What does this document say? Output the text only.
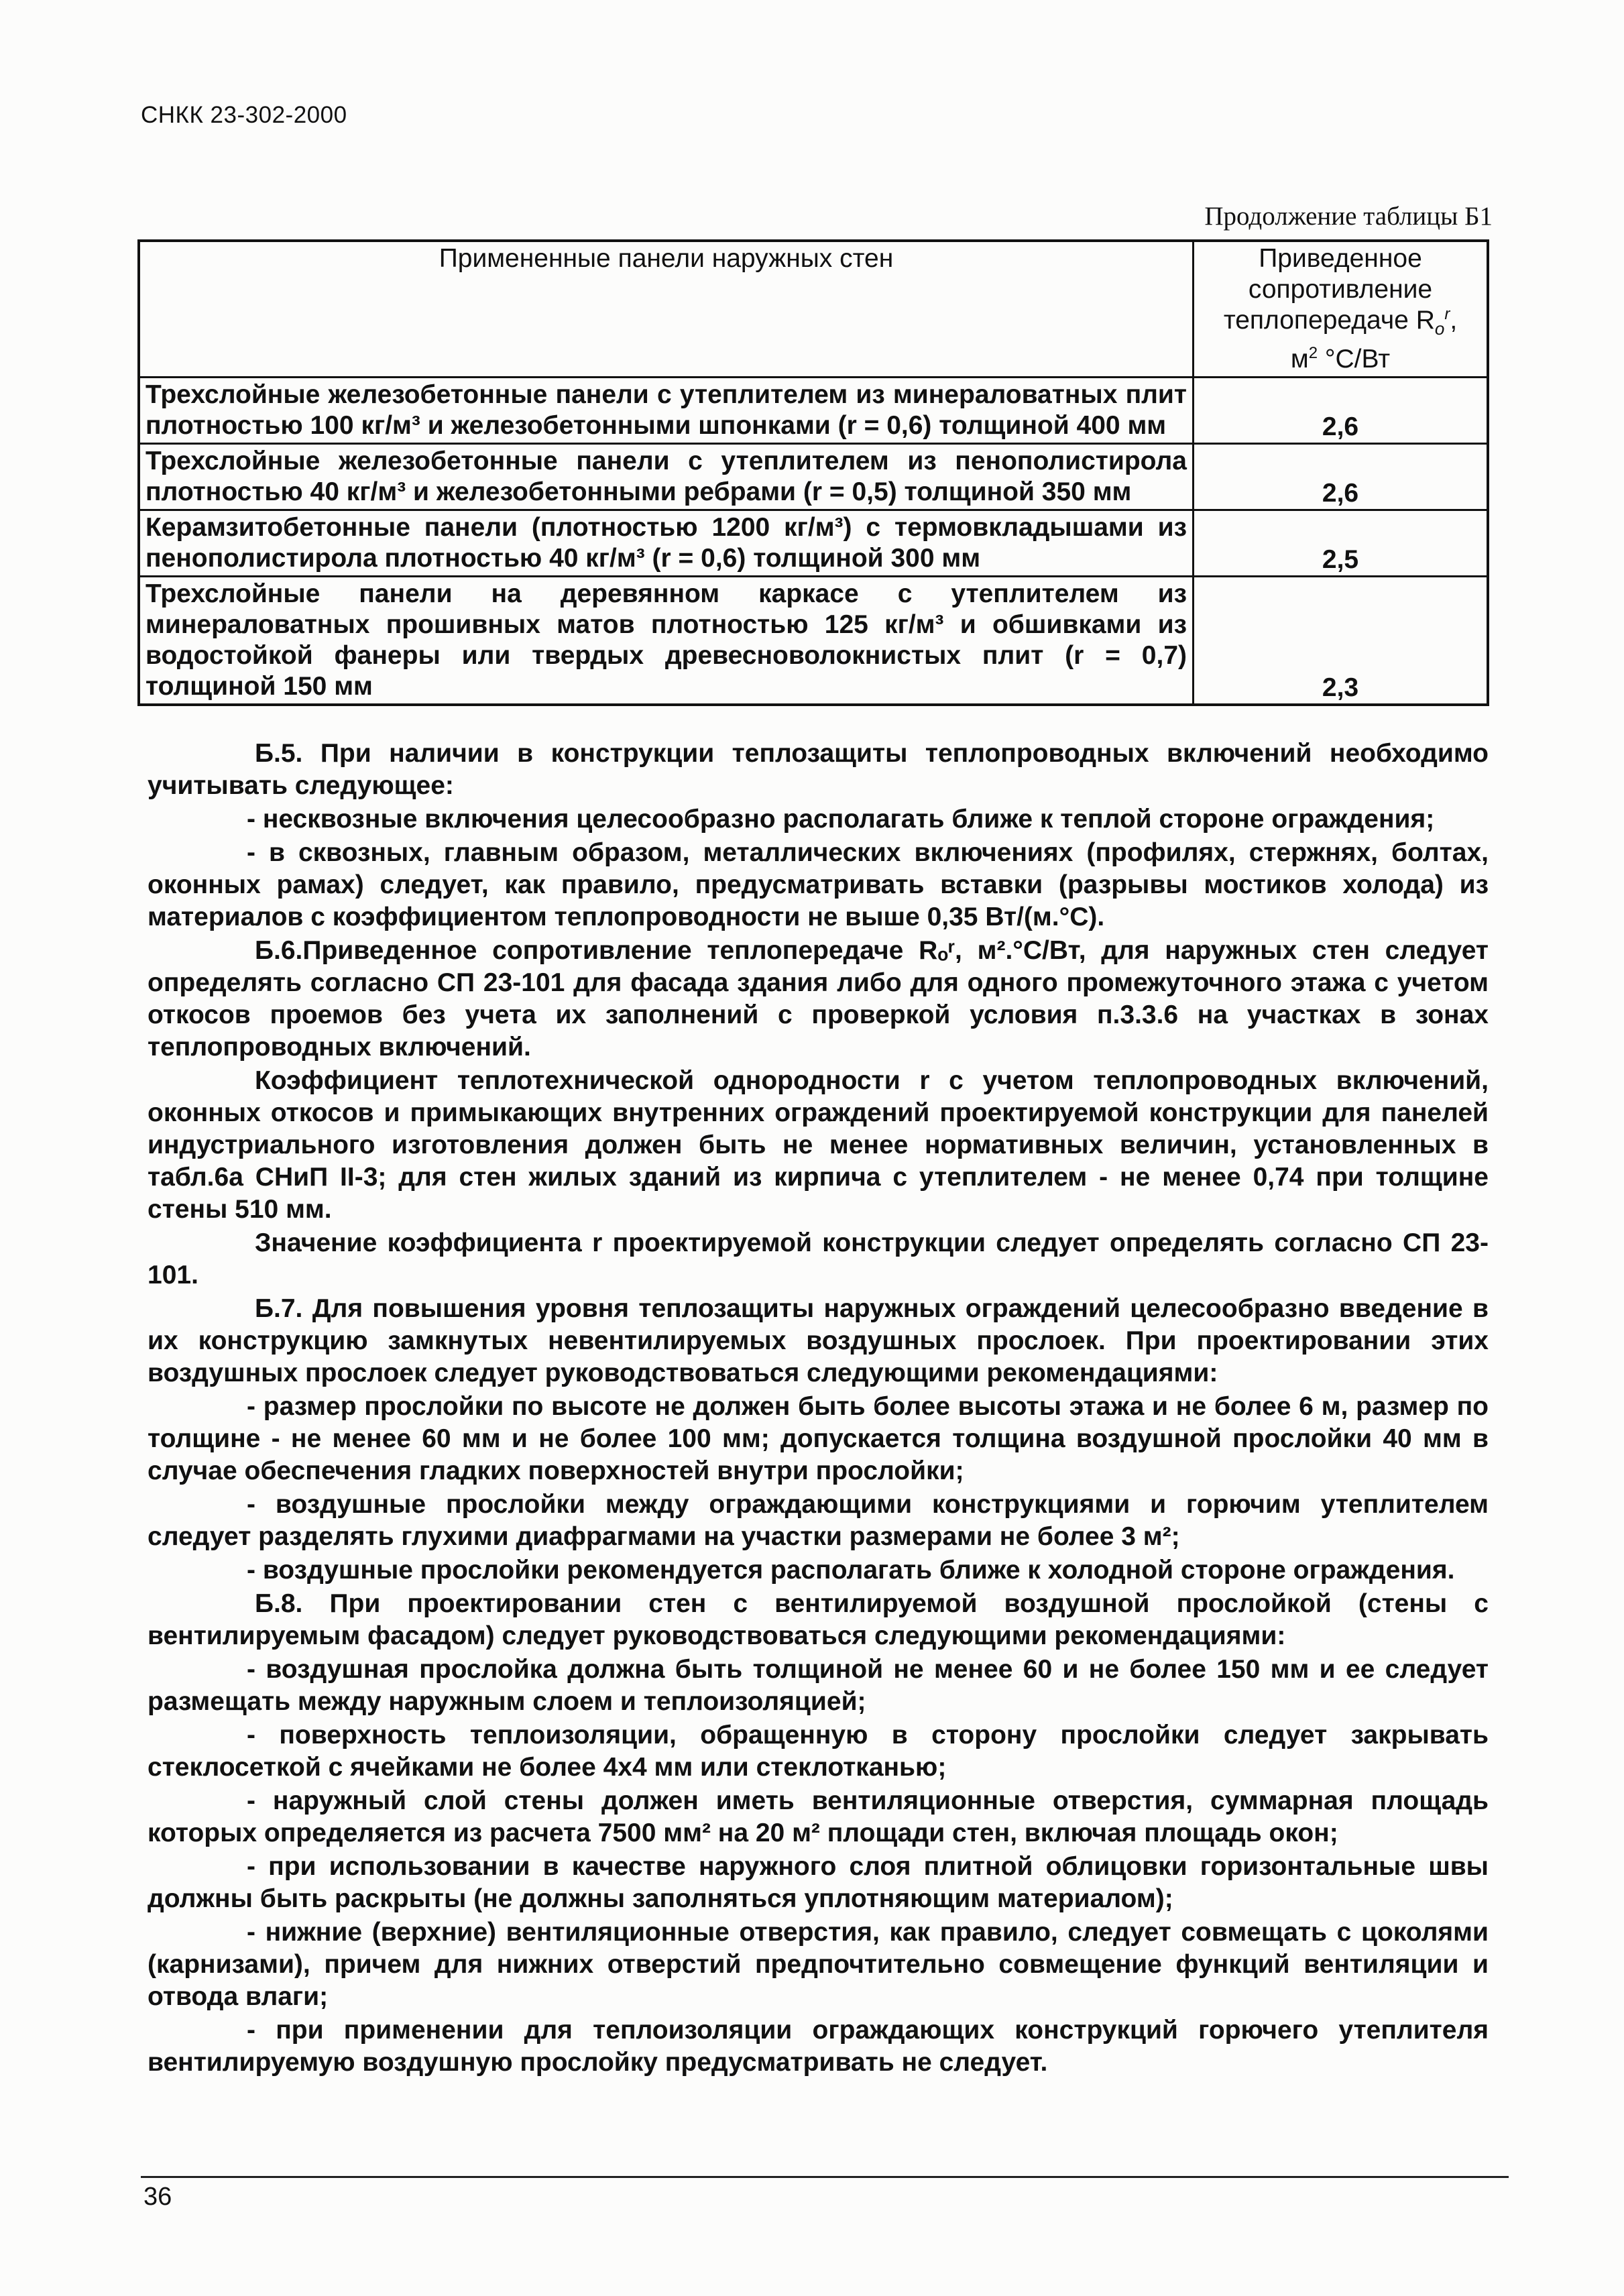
СНКК 23-302-2000
Продолжение таблицы Б1
Примененные панели наружных стен	Приведенное
сопротивление
теплопередаче $R_o^r$,
$м^2$ °С/Вт

Трехслойные железобетонные панели с утеплителем из минераловатных плит плотностью 100 кг/м³ и железобетонными шпонками (r = 0,6) толщиной 400 мм	2,6
Трехслойные железобетонные панели с утеплителем из пенополистирола плотностью 40 кг/м³ и железобетонными ребрами (r = 0,5) толщиной 350 мм	2,6
Керамзитобетонные панели (плотностью 1200 кг/м³) с термовкладышами из пенополистирола плотностью 40 кг/м³ (r = 0,6) толщиной 300 мм	2,5
Трехслойные панели на деревянном каркасе с утеплителем из минераловатных прошивных матов плотностью 125 кг/м³ и обшивками из водостойкой фанеры или твердых древесноволокнистых плит (r = 0,7) толщиной 150 мм	2,3

Б.5. При наличии в конструкции теплозащиты теплопроводных включений необходимо учитывать следующее:

- несквозные включения целесообразно располагать ближе к теплой стороне ограждения;

- в сквозных, главным образом, металлических включениях (профилях, стержнях, болтах, оконных рамах) следует, как правило, предусматривать вставки (разрывы мостиков холода) из материалов с коэффициентом теплопроводности не выше 0,35 Вт/(м.°С).

Б.6.Приведенное сопротивление теплопередаче Rₒʳ, м².°С/Вт, для наружных стен следует определять согласно СП 23-101 для фасада здания либо для одного промежуточного этажа с учетом откосов проемов без учета их заполнений с проверкой условия п.3.3.6 на участках в зонах теплопроводных включений.

Коэффициент теплотехнической однородности r с учетом теплопроводных включений, оконных откосов и примыкающих внутренних ограждений проектируемой конструкции для панелей индустриального изготовления должен быть не менее нормативных величин, установленных в табл.6а СНиП II-3; для стен жилых зданий из кирпича с утеплителем - не менее 0,74 при толщине стены 510 мм.

Значение коэффициента r проектируемой конструкции следует определять согласно СП 23-101.

Б.7. Для повышения уровня теплозащиты наружных ограждений целесообразно введение в их конструкцию замкнутых невентилируемых воздушных прослоек. При проектировании этих воздушных прослоек следует руководствоваться следующими рекомендациями:

- размер прослойки по высоте не должен быть более высоты этажа и не более 6 м, размер по толщине - не менее 60 мм и не более 100 мм; допускается толщина воздушной прослойки 40 мм в случае обеспечения гладких поверхностей внутри прослойки;

- воздушные прослойки между ограждающими конструкциями и горючим утеплителем следует разделять глухими диафрагмами на участки размерами не более 3 м²;

- воздушные прослойки рекомендуется располагать ближе к холодной стороне ограждения.

Б.8. При проектировании стен с вентилируемой воздушной прослойкой (стены с вентилируемым фасадом) следует руководствоваться следующими рекомендациями:

- воздушная прослойка должна быть толщиной не менее 60 и не более 150 мм и ее следует размещать между наружным слоем и теплоизоляцией;

- поверхность теплоизоляции, обращенную в сторону прослойки следует закрывать стеклосеткой с ячейками не более 4х4 мм или стеклотканью;

- наружный слой стены должен иметь вентиляционные отверстия, суммарная площадь которых определяется из расчета 7500 мм² на 20 м² площади стен, включая площадь окон;

- при использовании в качестве наружного слоя плитной облицовки горизонтальные швы должны быть раскрыты (не должны заполняться уплотняющим материалом);

- нижние (верхние) вентиляционные отверстия, как правило, следует совмещать с цоколями (карнизами), причем для нижних отверстий предпочтительно совмещение функций вентиляции и отвода влаги;

- при применении для теплоизоляции ограждающих конструкций горючего утеплителя вентилируемую воздушную прослойку предусматривать не следует.

36
